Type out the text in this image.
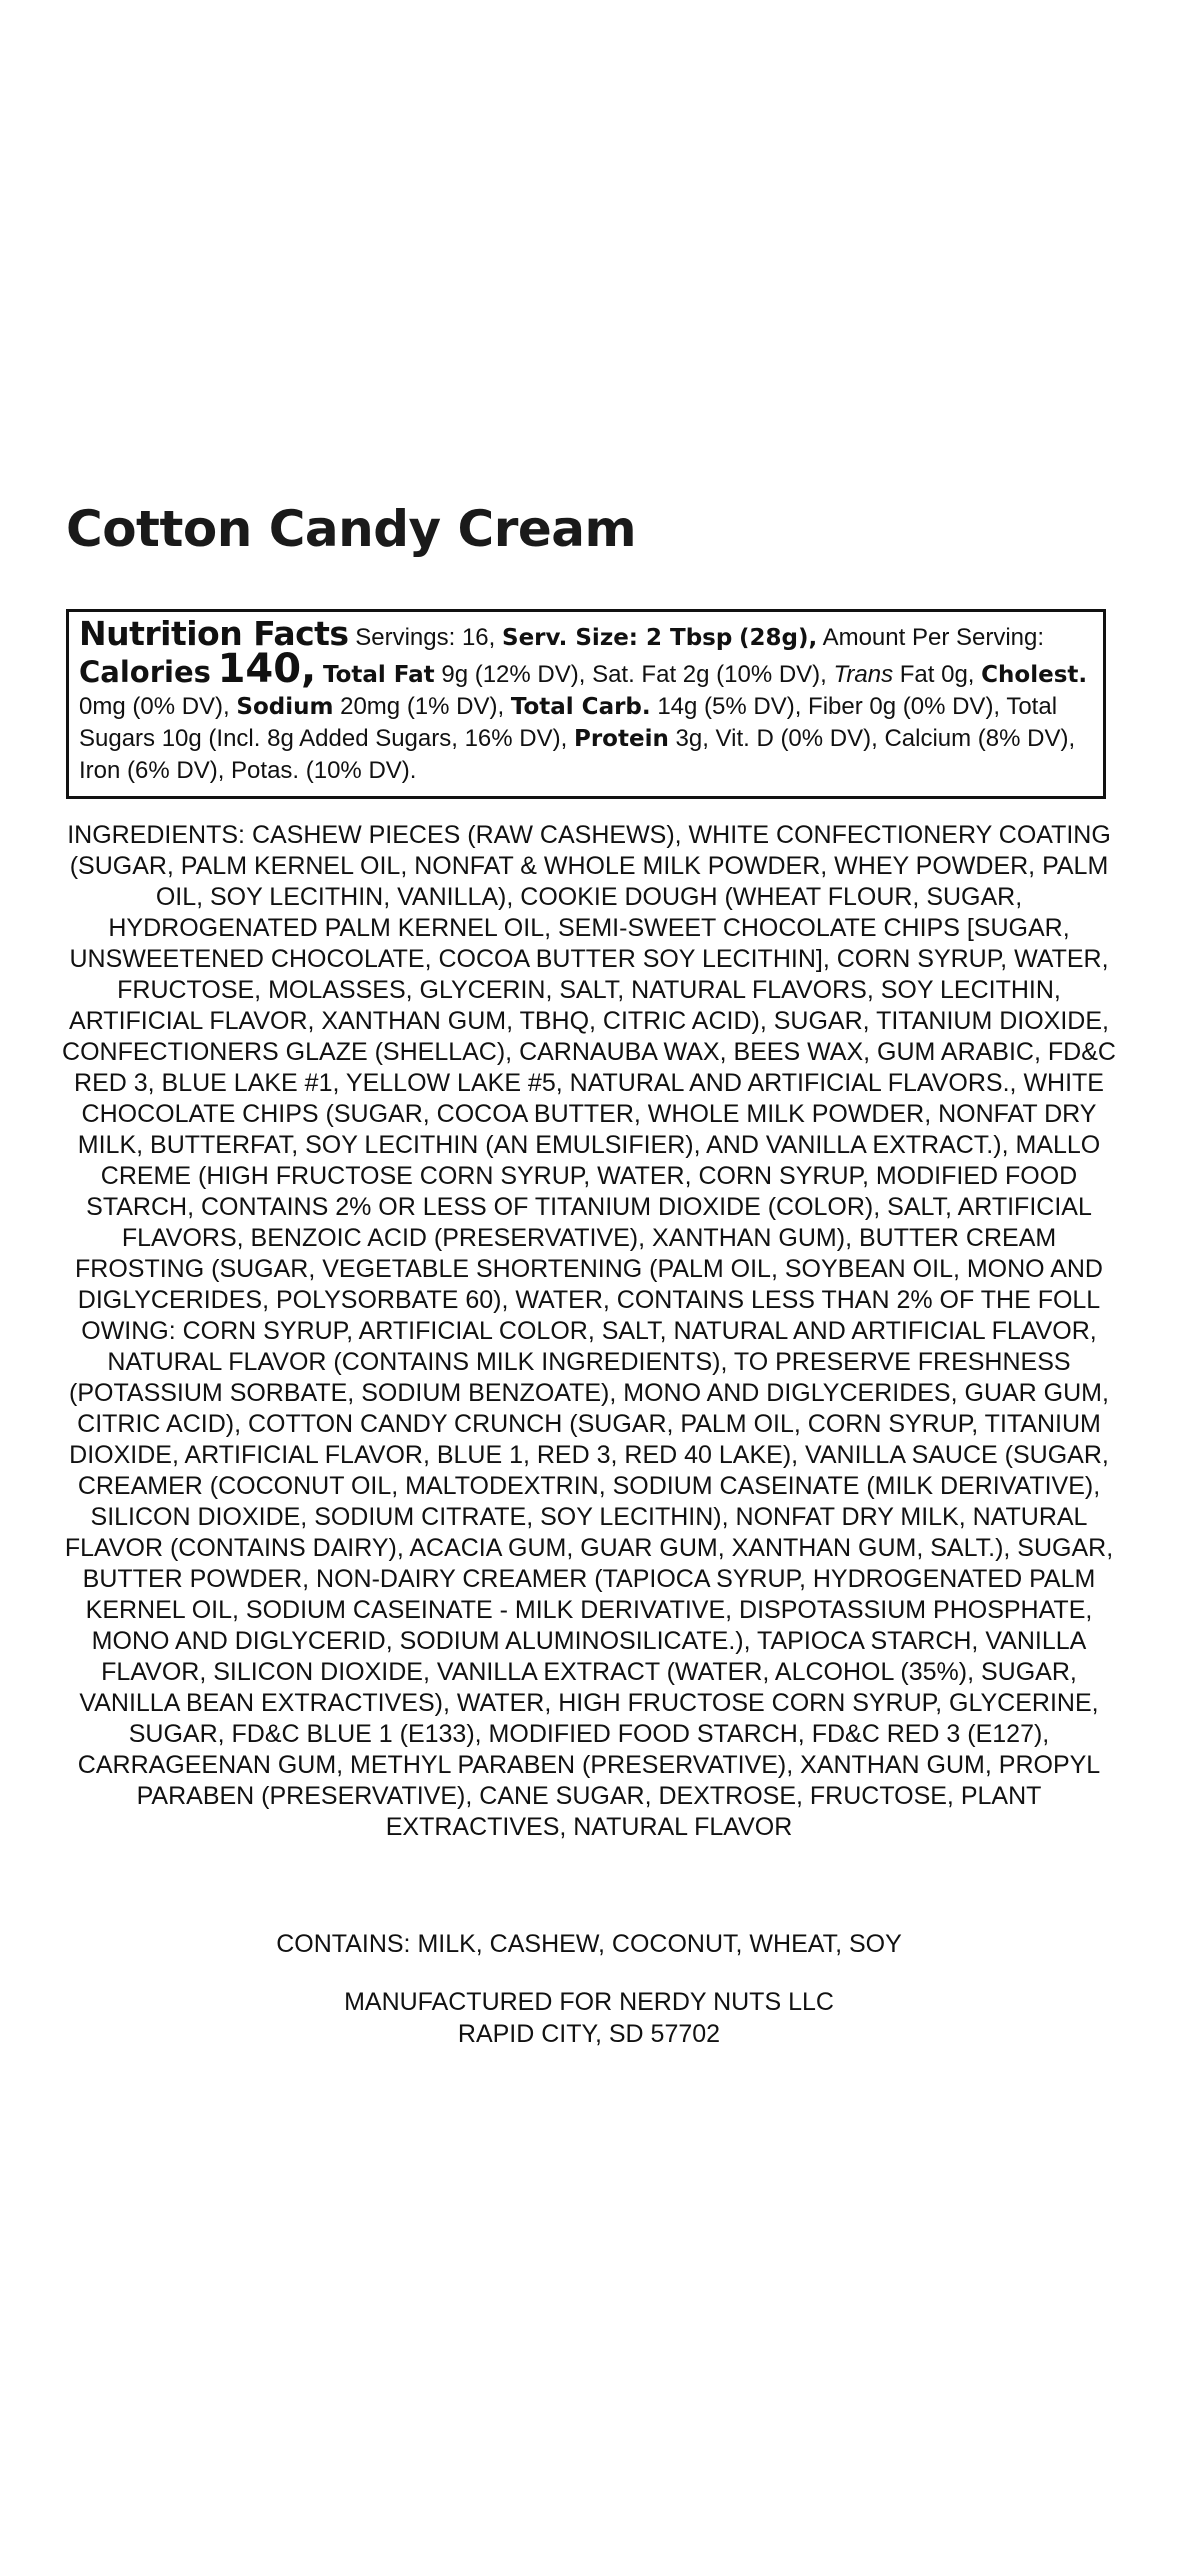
Cotton Candy Cream
Nutrition Facts Servings: 16, Serv. Size: 2 Tbsp (28g), Amount Per Serving: Calories 140, Total Fat 9g (12% DV), Sat. Fat 2g (10% DV), Trans Fat 0g, Cholest. 0mg (0% DV), Sodium 20mg (1% DV), Total Carb. 14g (5% DV), Fiber 0g (0% DV), Total Sugars 10g (Incl. 8g Added Sugars, 16% DV), Protein 3g, Vit. D (0% DV), Calcium (8% DV), Iron (6% DV), Potas. (10% DV).

INGREDIENTS: CASHEW PIECES (RAW CASHEWS), WHITE CONFECTIONERY COATING (SUGAR, PALM KERNEL OIL, NONFAT & WHOLE MILK POWDER, WHEY POWDER, PALM OIL, SOY LECITHIN, VANILLA), COOKIE DOUGH (WHEAT FLOUR, SUGAR, HYDROGENATED PALM KERNEL OIL, SEMI-SWEET CHOCOLATE CHIPS [SUGAR, UNSWEETENED CHOCOLATE, COCOA BUTTER SOY LECITHIN], CORN SYRUP, WATER, FRUCTOSE, MOLASSES, GLYCERIN, SALT, NATURAL FLAVORS, SOY LECITHIN, ARTIFICIAL FLAVOR, XANTHAN GUM, TBHQ, CITRIC ACID), SUGAR, TITANIUM DIOXIDE, CONFECTIONERS GLAZE (SHELLAC), CARNAUBA WAX, BEES WAX, GUM ARABIC, FD&C RED 3, BLUE LAKE #1, YELLOW LAKE #5, NATURAL AND ARTIFICIAL FLAVORS., WHITE CHOCOLATE CHIPS (SUGAR, COCOA BUTTER, WHOLE MILK POWDER, NONFAT DRY MILK, BUTTERFAT, SOY LECITHIN (AN EMULSIFIER), AND VANILLA EXTRACT.), MALLO CREME (HIGH FRUCTOSE CORN SYRUP, WATER, CORN SYRUP, MODIFIED FOOD STARCH, CONTAINS 2% OR LESS OF TITANIUM DIOXIDE (COLOR), SALT, ARTIFICIAL FLAVORS, BENZOIC ACID (PRESERVATIVE), XANTHAN GUM), BUTTER CREAM FROSTING (SUGAR, VEGETABLE SHORTENING (PALM OIL, SOYBEAN OIL, MONO AND DIGLYCERIDES, POLYSORBATE 60), WATER, CONTAINS LESS THAN 2% OF THE FOLL OWING: CORN SYRUP, ARTIFICIAL COLOR, SALT, NATURAL AND ARTIFICIAL FLAVOR, NATURAL FLAVOR (CONTAINS MILK INGREDIENTS), TO PRESERVE FRESHNESS (POTASSIUM SORBATE, SODIUM BENZOATE), MONO AND DIGLYCERIDES, GUAR GUM, CITRIC ACID), COTTON CANDY CRUNCH (SUGAR, PALM OIL, CORN SYRUP, TITANIUM DIOXIDE, ARTIFICIAL FLAVOR, BLUE 1, RED 3, RED 40 LAKE), VANILLA SAUCE (SUGAR, CREAMER (COCONUT OIL, MALTODEXTRIN, SODIUM CASEINATE (MILK DERIVATIVE), SILICON DIOXIDE, SODIUM CITRATE, SOY LECITHIN), NONFAT DRY MILK, NATURAL FLAVOR (CONTAINS DAIRY), ACACIA GUM, GUAR GUM, XANTHAN GUM, SALT.), SUGAR, BUTTER POWDER, NON-DAIRY CREAMER (TAPIOCA SYRUP, HYDROGENATED PALM KERNEL OIL, SODIUM CASEINATE - MILK DERIVATIVE, DISPOTASSIUM PHOSPHATE, MONO AND DIGLYCERID, SODIUM ALUMINOSILICATE.), TAPIOCA STARCH, VANILLA FLAVOR, SILICON DIOXIDE, VANILLA EXTRACT (WATER, ALCOHOL (35%), SUGAR, VANILLA BEAN EXTRACTIVES), WATER, HIGH FRUCTOSE CORN SYRUP, GLYCERINE, SUGAR, FD&C BLUE 1 (E133), MODIFIED FOOD STARCH, FD&C RED 3 (E127), CARRAGEENAN GUM, METHYL PARABEN (PRESERVATIVE), XANTHAN GUM, PROPYL PARABEN (PRESERVATIVE), CANE SUGAR, DEXTROSE, FRUCTOSE, PLANT EXTRACTIVES, NATURAL FLAVOR

CONTAINS: MILK, CASHEW, COCONUT, WHEAT, SOY

MANUFACTURED FOR NERDY NUTS LLC
RAPID CITY, SD 57702
